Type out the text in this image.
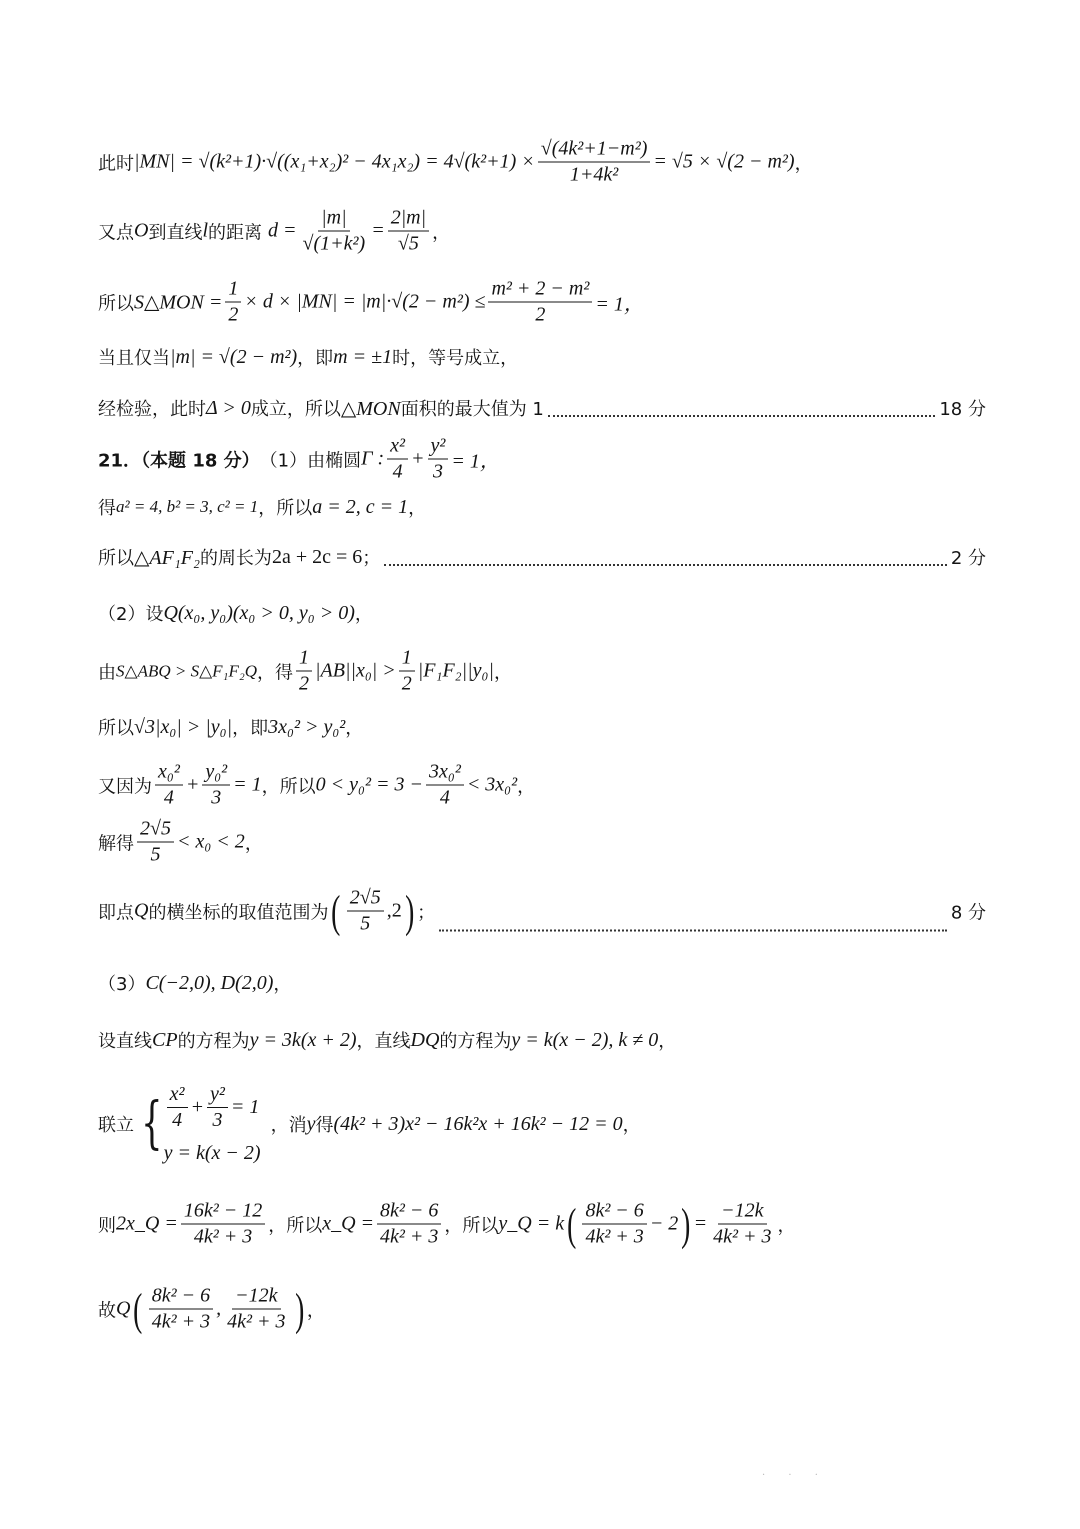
此时 $|MN| = √(k^2+1)\cdot√((x_1+x_2)^2 - 4x_1x_2) = 4√(k^2+1) \times \frac{\text{√(4k²+1−m²)}}{\text{1+4k²}} = √5 \times √(2 - m^2)$ ，
又点 O 到直线 l 的距离 $d = \frac{|m|}{\text{√(1+k²)}} = \frac{2|m|}{√5}$ ，
所以 S△MON = $\frac{1}{2} \times d \times |MN| = |m|\cdot√(2 - m^2) \le \frac{\text{m² + 2 − m²}}{2} = 1$，
当且仅当 |m| = √(2 − m²) ，即 m = ±1 时，等号成立，
经检验，此时 Δ > 0 成立，所以 △MON 面积的最大值为 1	18 分
21．（本题 18 分） （1）由椭圆 Γ : $\frac{\text{x²}}{4} + \frac{\text{y²}}{3} = 1$，
得 a² = 4, b² = 3, c² = 1 ，所以 a = 2, c = 1 ，
所以 △AF₁F₂ 的周长为 2a + 2c = 6 ；	2 分
（2）设 Q(x₀, y₀)(x₀ > 0, y₀ > 0) ，
由 S△ABQ > S△F₁F₂Q ，得 $\frac{1}{2} |AB||x_0| > \frac{1}{2} |F_1F_2||y_0|$ ，
所以 √3|x₀| > |y₀| ，即 3x₀² > y₀² ，
又因为 $\frac{\text{x₀²}}{4} + \frac{\text{y₀²}}{3} = 1$ ，所以 $0 < y_0^2 = 3 - \frac{\text{3x₀²}}{4} < 3x_0^2$ ，
解得 $\frac{2√5}{5} < x_0 < 2$ ，
即点 Q 的横坐标的取值范围为 ( $\frac{2√5}{5} ,2$ ) ；	8 分
（3） C(−2,0), D(2,0) ，
设直线 CP 的方程为 y = 3k(x + 2) ，直线 DQ 的方程为 y = k(x − 2), k ≠ 0 ，
联立 { $\frac{\text{x²}}{4} + \frac{\text{y²}}{3} = 1$
y = k(x − 2)
，消 y 得 (4k² + 3)x² − 16k²x + 16k² − 12 = 0 ，
则 2x_Q = $\frac{\text{16k² − 12}}{\text{4k² + 3}}$ ，所以 x_Q = $\frac{\text{8k² − 6}}{\text{4k² + 3}}$ ，所以 y_Q = k ( $\frac{\text{8k² − 6}}{\text{4k² + 3}} - 2$ ) = $\frac{-12k}{\text{4k² + 3}}$ ，
故 Q ( $\frac{\text{8k² − 6}}{\text{4k² + 3}}$ , $\frac{-12k}{\text{4k² + 3}}$ ) ，
· · ·
